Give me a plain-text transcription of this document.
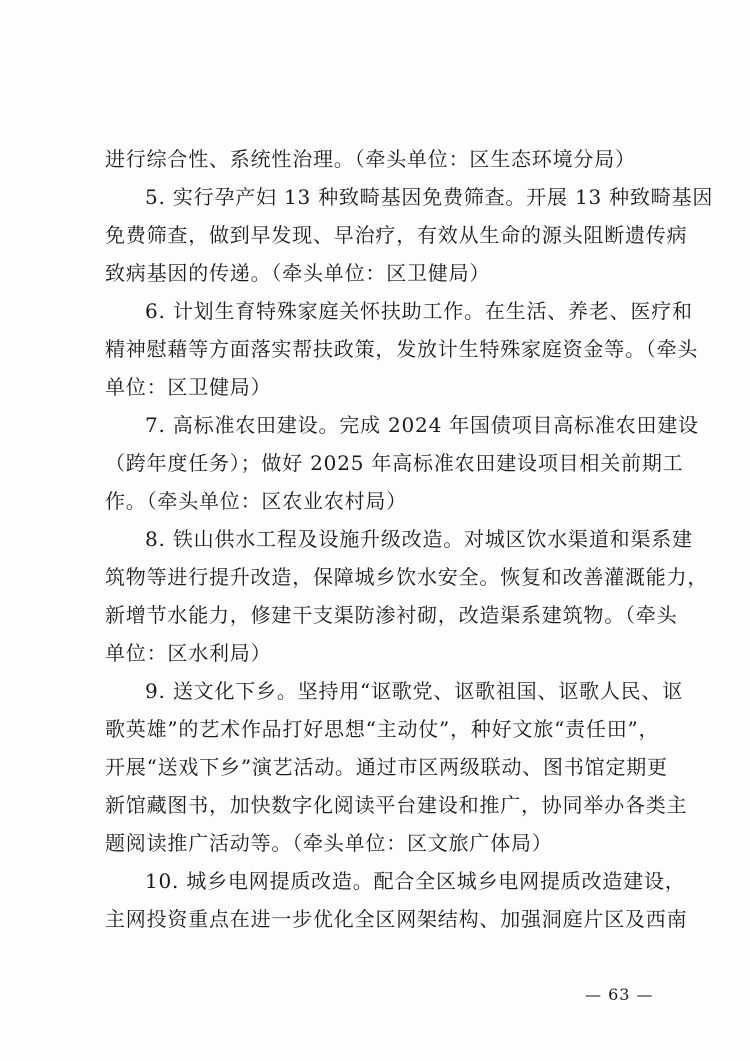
进行综合性、系统性治理。（牵头单位：区生态环境分局）
5. 实行孕产妇 13 种致畸基因免费筛查。开展 13 种致畸基因
免费筛查，做到早发现、早治疗，有效从生命的源头阻断遗传病
致病基因的传递。（牵头单位：区卫健局）
6. 计划生育特殊家庭关怀扶助工作。在生活、养老、医疗和
精神慰藉等方面落实帮扶政策，发放计生特殊家庭资金等。（牵头
单位：区卫健局）
7. 高标准农田建设。完成 2024 年国债项目高标准农田建设
（跨年度任务）；做好 2025 年高标准农田建设项目相关前期工
作。（牵头单位：区农业农村局）
8. 铁山供水工程及设施升级改造。对城区饮水渠道和渠系建
筑物等进行提升改造，保障城乡饮水安全。恢复和改善灌溉能力，
新增节水能力，修建干支渠防渗衬砌，改造渠系建筑物。（牵头
单位：区水利局）
9. 送文化下乡。坚持用“讴歌党、讴歌祖国、讴歌人民、讴
歌英雄”的艺术作品打好思想“主动仗”，种好文旅“责任田”，
开展“送戏下乡”演艺活动。通过市区两级联动、图书馆定期更
新馆藏图书，加快数字化阅读平台建设和推广，协同举办各类主
题阅读推广活动等。（牵头单位：区文旅广体局）
10. 城乡电网提质改造。配合全区城乡电网提质改造建设，
主网投资重点在进一步优化全区网架结构、加强洞庭片区及西南
— 63 —
